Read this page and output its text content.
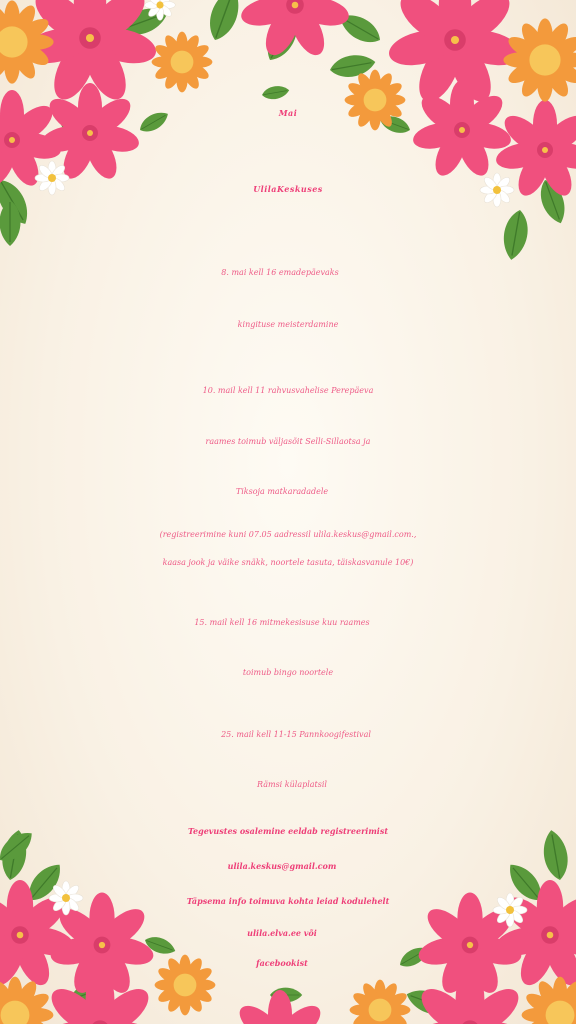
Mai
UlilaKeskuses
8. mai kell 16 emadepäevaks
kingituse meisterdamine
10. mail kell 11 rahvusvahelise Perepäeva
raames toimub väljasõit Selli-Sillaotsa ja
Tiksoja matkaradadele
(registreerimine kuni 07.05 aadressil ulila.keskus@gmail.com.,
kaasa jook ja väike snäkk, noortele tasuta, täiskasvanule 10€)
15. mail kell 16 mitmekesisuse kuu raames
toimub bingo noortele
25. mail kell 11-15 Pannkoogifestival
Rämsi külaplatsil
Tegevustes osalemine eeldab registreerimist
ulila.keskus@gmail.com
Täpsema info toimuva kohta leiad kodulehelt
ulila.elva.ee või
facebookist
